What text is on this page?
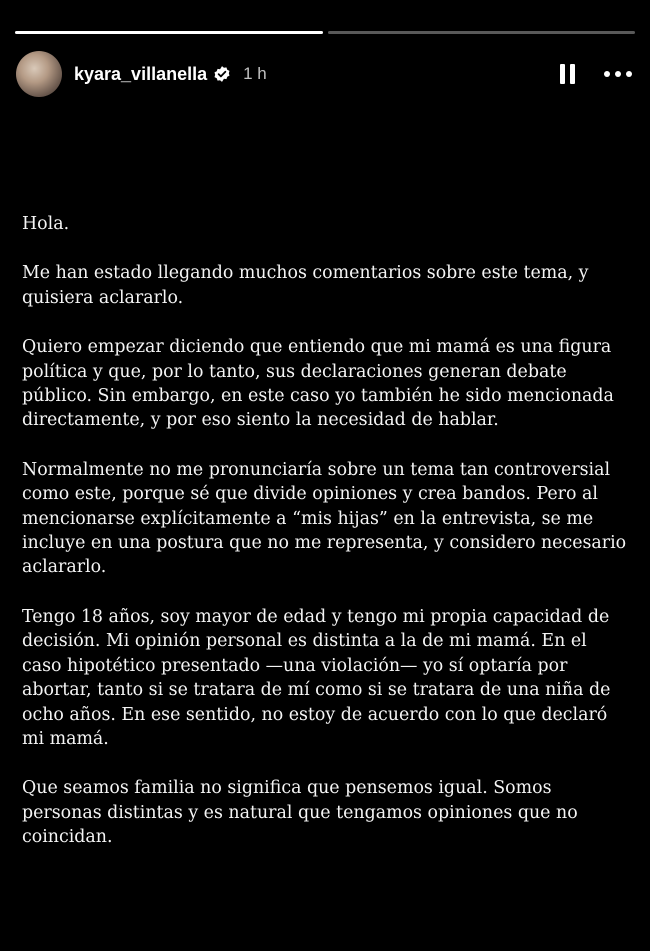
kyara_villanella 1 h

Hola.

Me han estado llegando muchos comentarios sobre este tema, y quisiera aclararlo.

Quiero empezar diciendo que entiendo que mi mamá es una figura política y que, por lo tanto, sus declaraciones generan debate público. Sin embargo, en este caso yo también he sido mencionada directamente, y por eso siento la necesidad de hablar.

Normalmente no me pronunciaría sobre un tema tan controversial como este, porque sé que divide opiniones y crea bandos. Pero al mencionarse explícitamente a “mis hijas” en la entrevista, se me incluye en una postura que no me representa, y considero necesario aclararlo.

Tengo 18 años, soy mayor de edad y tengo mi propia capacidad de decisión. Mi opinión personal es distinta a la de mi mamá. En el caso hipotético presentado —una violación— yo sí optaría por abortar, tanto si se tratara de mí como si se tratara de una niña de ocho años. En ese sentido, no estoy de acuerdo con lo que declaró mi mamá.

Que seamos familia no significa que pensemos igual. Somos personas distintas y es natural que tengamos opiniones que no coincidan.
